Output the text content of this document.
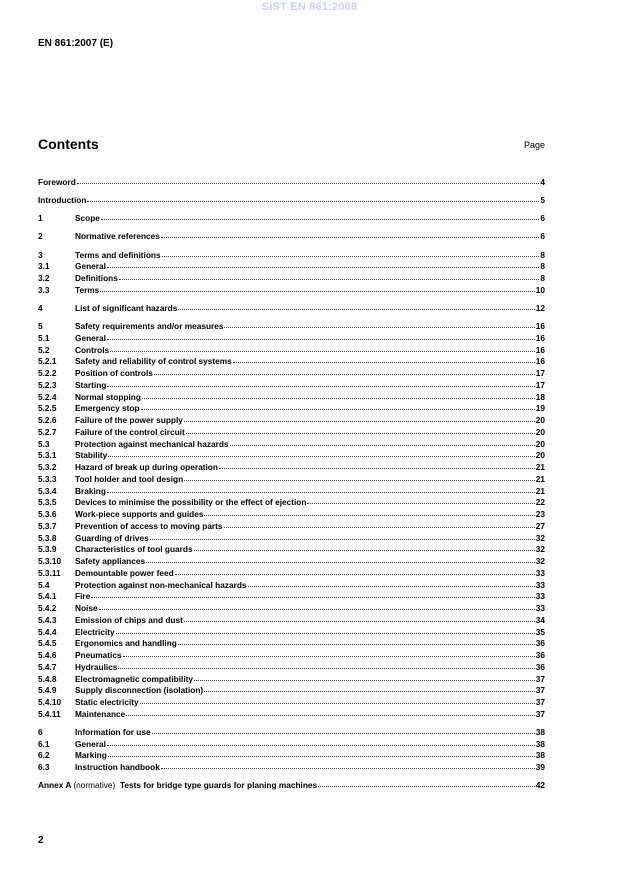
SIST EN 861:2008
EN 861:2007 (E)
Contents	Page
Foreword	4
Introduction	5
1	Scope	6
2	Normative references	6
3	Terms and definitions	8
3.1	General	8
3.2	Definitions	8
3.3	Terms	10
4	List of significant hazards	12
5	Safety requirements and/or measures	16
5.1	General	16
5.2	Controls	16
5.2.1	Safety and reliability of control systems	16
5.2.2	Position of controls	17
5.2.3	Starting	17
5.2.4	Normal stopping	18
5.2.5	Emergency stop	19
5.2.6	Failure of the power supply	20
5.2.7	Failure of the control circuit	20
5.3	Protection against mechanical hazards	20
5.3.1	Stability	20
5.3.2	Hazard of break up during operation	21
5.3.3	Tool holder and tool design	21
5.3.4	Braking	21
5.3.5	Devices to minimise the possibility or the effect of ejection	22
5.3.6	Work-piece supports and guides	23
5.3.7	Prevention of access to moving parts	27
5.3.8	Guarding of drives	32
5.3.9	Characteristics of tool guards	32
5.3.10	Safety appliances	32
5.3.11	Demountable power feed	33
5.4	Protection against non-mechanical hazards	33
5.4.1	Fire	33
5.4.2	Noise	33
5.4.3	Emission of chips and dust	34
5.4.4	Electricity	35
5.4.5	Ergonomics and handling	36
5.4.6	Pneumatics	36
5.4.7	Hydraulics	36
5.4.8	Electromagnetic compatibility	37
5.4.9	Supply disconnection (isolation)	37
5.4.10	Static electricity	37
5.4.11	Maintenance	37
6	Information for use	38
6.1	General	38
6.2	Marking	38
6.3	Instruction handbook	39
Annex A (normative) Tests for bridge type guards for planing machines	42
2
